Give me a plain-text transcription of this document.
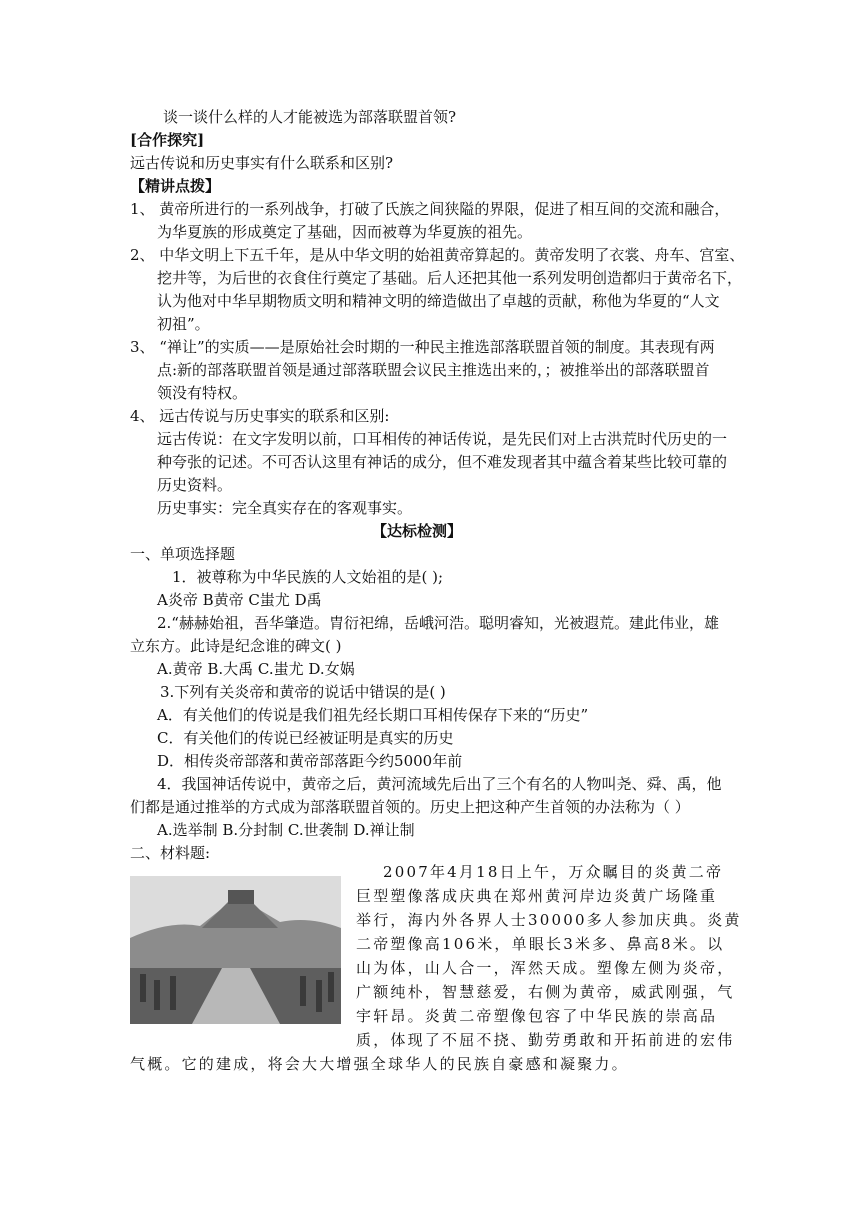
谈一谈什么样的人才能被选为部落联盟首领?
[合作探究]
远古传说和历史事实有什么联系和区别?
【精讲点拨】
1、 黄帝所进行的一系列战争，打破了氏族之间狭隘的界限，促进了相互间的交流和融合，
为华夏族的形成奠定了基础，因而被尊为华夏族的祖先。
2、 中华文明上下五千年，是从中华文明的始祖黄帝算起的。黄帝发明了衣裳、舟车、宫室、
挖井等，为后世的衣食住行奠定了基础。后人还把其他一系列发明创造都归于黄帝名下，
认为他对中华早期物质文明和精神文明的缔造做出了卓越的贡献，称他为华夏的“人文
初祖”。
3、 “禅让”的实质——是原始社会时期的一种民主推选部落联盟首领的制度。其表现有两
点:新的部落联盟首领是通过部落联盟会议民主推选出来的，；被推举出的部落联盟首
领没有特权。
4、 远古传说与历史事实的联系和区别:
远古传说：在文字发明以前，口耳相传的神话传说，是先民们对上古洪荒时代历史的一
种夸张的记述。不可否认这里有神话的成分，但不难发现者其中蕴含着某些比较可靠的
历史资料。
历史事实：完全真实存在的客观事实。
【达标检测】
一、单项选择题
1．被尊称为中华民族的人文始祖的是( );
A炎帝 B黄帝 C蚩尤 D禹
2.“赫赫始祖，吾华肇造。胄衍祀绵，岳峨河浩。聪明睿知，光被遐荒。建此伟业，雄
立东方。此诗是纪念谁的碑文( )
A.黄帝 B.大禹 C.蚩尤 D.女娲
3.下列有关炎帝和黄帝的说话中错误的是( )
A．有关他们的传说是我们祖先经长期口耳相传保存下来的“历史”
C．有关他们的传说已经被证明是真实的历史
D．相传炎帝部落和黄帝部落距今约5000年前
4．我国神话传说中，黄帝之后，黄河流域先后出了三个有名的人物叫尧、舜、禹，他
们都是通过推举的方式成为部落联盟首领的。历史上把这种产生首领的办法称为（ ）
A.选举制 B.分封制 C.世袭制 D.禅让制
二、材料题:
2007年4月18日上午，万众瞩目的炎黄二帝
巨型塑像落成庆典在郑州黄河岸边炎黄广场隆重
举行，海内外各界人士30000多人参加庆典。炎黄
二帝塑像高106米，单眼长3米多、鼻高8米。以
山为体，山人合一，浑然天成。塑像左侧为炎帝，
广额纯朴，智慧慈爱，右侧为黄帝，威武刚强，气
宇轩昂。炎黄二帝塑像包容了中华民族的崇高品
质，体现了不屈不挠、勤劳勇敢和开拓前进的宏伟
气概。它的建成，将会大大增强全球华人的民族自豪感和凝聚力。
